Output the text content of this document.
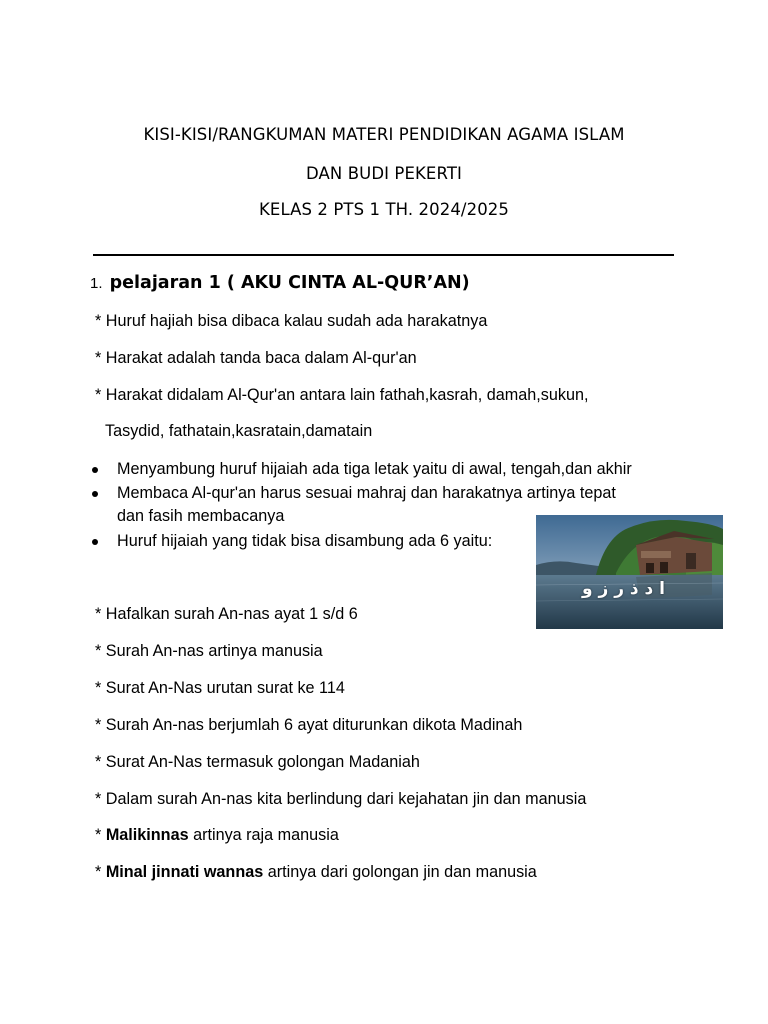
KISI-KISI/RANGKUMAN MATERI PENDIDIKAN AGAMA ISLAM
DAN BUDI PEKERTI
KELAS 2 PTS 1 TH. 2024/2025
1. pelajaran 1 ( AKU CINTA AL-QUR’AN)
* Huruf hajiah bisa dibaca kalau sudah ada harakatnya
* Harakat adalah tanda baca dalam Al-qur'an
* Harakat didalam Al-Qur'an antara lain fathah,kasrah, damah,sukun,
Tasydid, fathatain,kasratain,damatain
Menyambung huruf hijaiah ada tiga letak yaitu di awal, tengah,dan akhir
Membaca Al-qur'an harus sesuai mahraj dan harakatnya artinya tepat
dan fasih membacanya
Huruf hijaiah yang tidak bisa disambung ada 6 yaitu:
ا د ذ ر ز و
* Hafalkan surah An-nas ayat 1 s/d 6
* Surah An-nas artinya manusia
* Surat An-Nas urutan surat ke 114
* Surah An-nas berjumlah 6 ayat diturunkan dikota Madinah
* Surat An-Nas termasuk golongan Madaniah
* Dalam surah An-nas kita berlindung dari kejahatan jin dan manusia
* Malikinnas artinya raja manusia
* Minal jinnati wannas artinya dari golongan jin dan manusia
